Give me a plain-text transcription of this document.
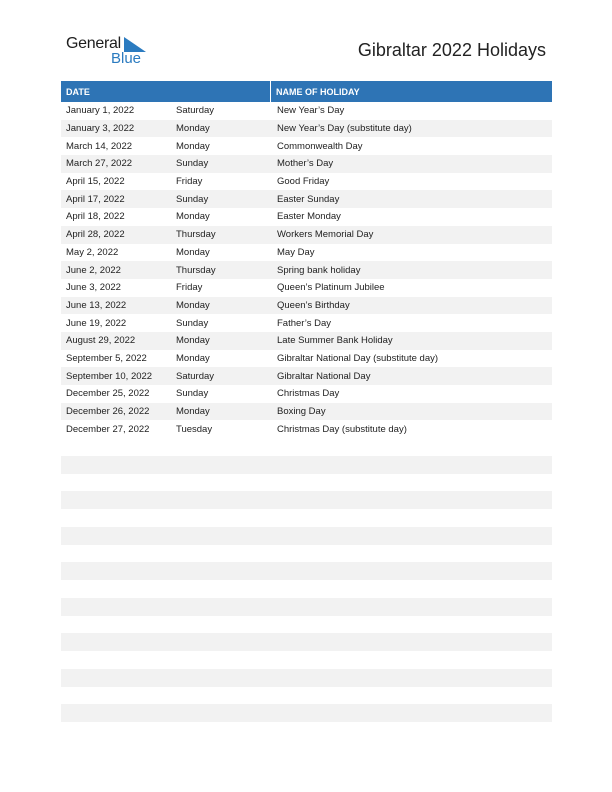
General
Blue	Gibraltar 2022 Holidays
DATE	NAME OF HOLIDAY
January 1, 2022	Saturday	New Year’s Day
January 3, 2022	Monday	New Year’s Day (substitute day)
March 14, 2022	Monday	Commonwealth Day
March 27, 2022	Sunday	Mother’s Day
April 15, 2022	Friday	Good Friday
April 17, 2022	Sunday	Easter Sunday
April 18, 2022	Monday	Easter Monday
April 28, 2022	Thursday	Workers Memorial Day
May 2, 2022	Monday	May Day
June 2, 2022	Thursday	Spring bank holiday
June 3, 2022	Friday	Queen’s Platinum Jubilee
June 13, 2022	Monday	Queen’s Birthday
June 19, 2022	Sunday	Father’s Day
August 29, 2022	Monday	Late Summer Bank Holiday
September 5, 2022	Monday	Gibraltar National Day (substitute day)
September 10, 2022	Saturday	Gibraltar National Day
December 25, 2022	Sunday	Christmas Day
December 26, 2022	Monday	Boxing Day
December 27, 2022	Tuesday	Christmas Day (substitute day)
